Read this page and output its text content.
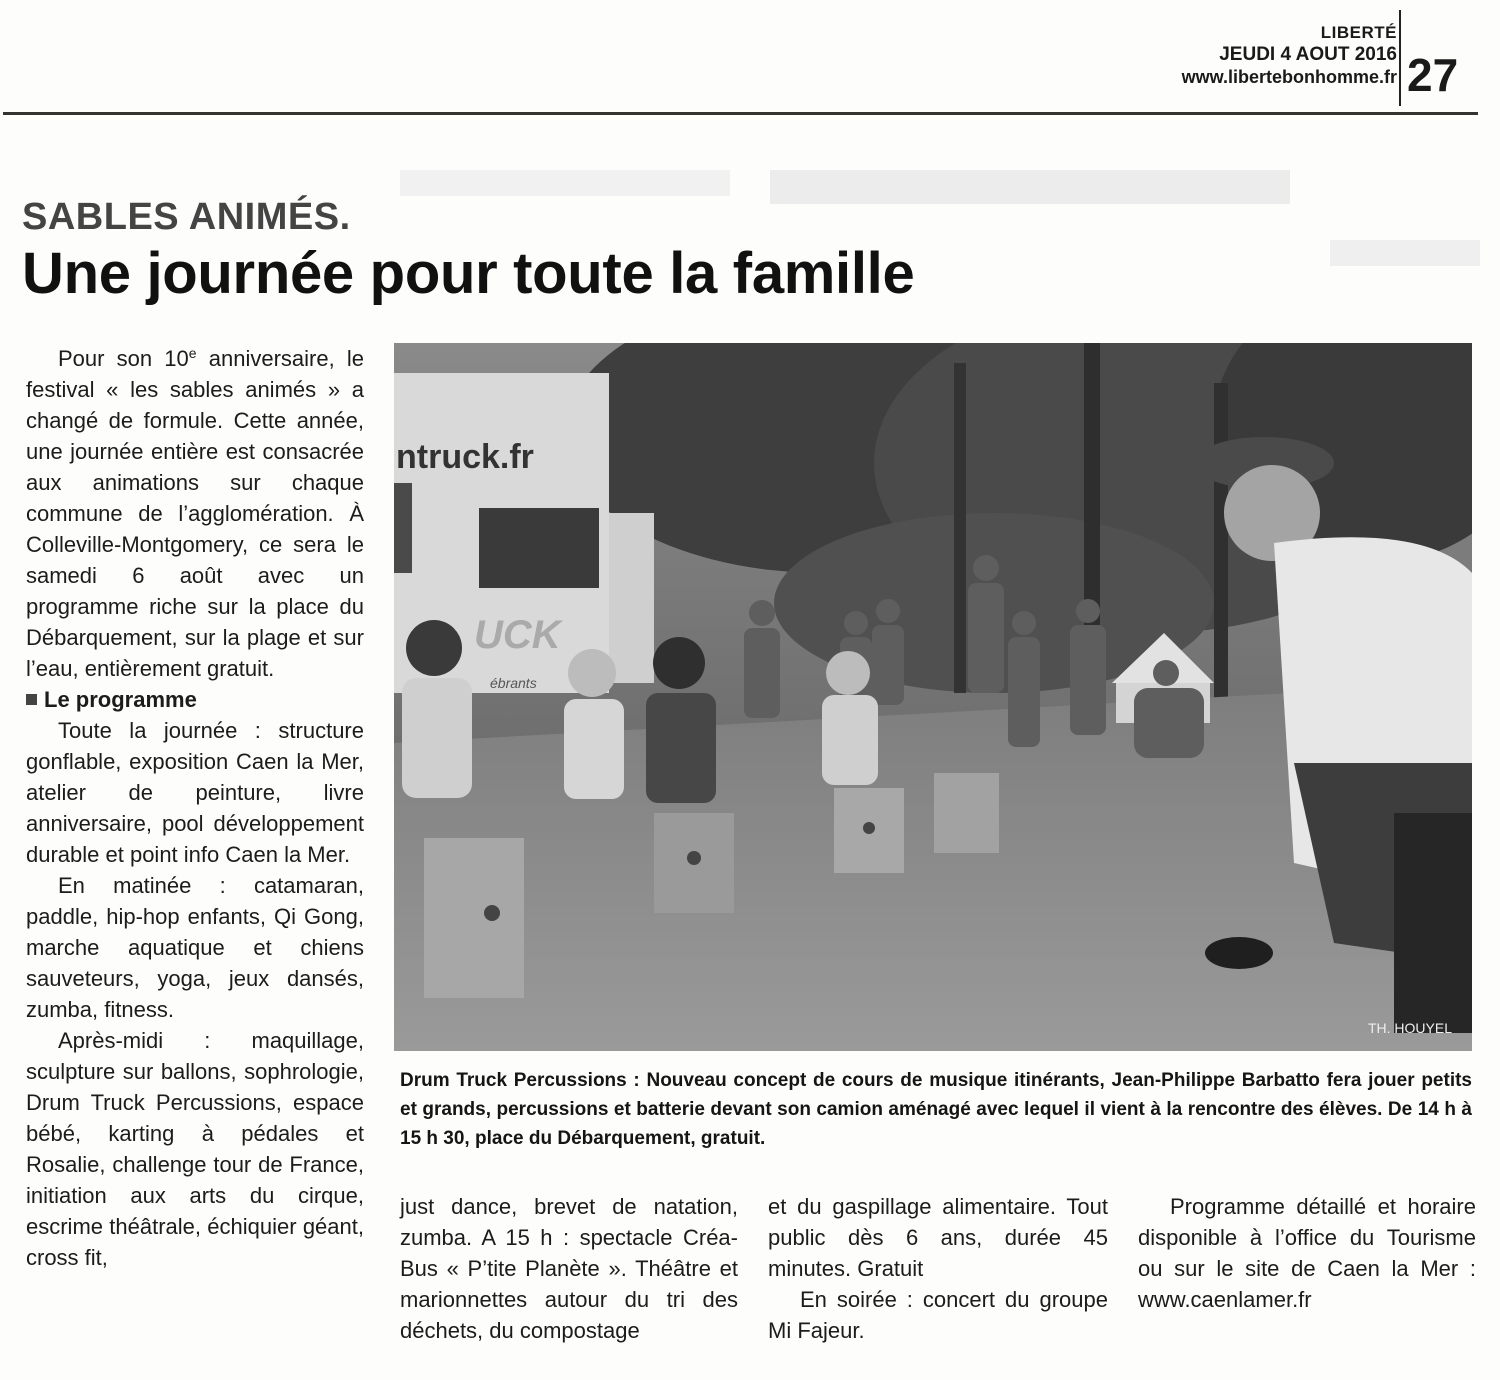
LIBERTÉ
JEUDI 4 AOUT 2016
www.libertebonhomme.fr 27
SABLES ANIMÉS.
Une journée pour toute la famille

Pour son 10e anniversaire, le festival « les sables animés » a changé de formule. Cette année, une journée entière est consacrée aux animations sur chaque commune de l’agglomération. À Colleville-Montgomery, ce sera le samedi 6 août avec un programme riche sur la place du Débarquement, sur la plage et sur l’eau, entièrement gratuit.

Le programme

Toute la journée : structure gonflable, exposition Caen la Mer, atelier de peinture, livre anniversaire, pool développement durable et point info Caen la Mer.

En matinée : catamaran, paddle, hip-hop enfants, Qi Gong, marche aquatique et chiens sauveteurs, yoga, jeux dansés, zumba, fitness.

Après-midi : maquillage, sculpture sur ballons, sophrologie, Drum Truck Percussions, espace bébé, karting à pédales et Rosalie, challenge tour de France, initiation aux arts du cirque, escrime théâtrale, échiquier géant, cross fit,

ntruck.fr
UCK
ébrants
TH. HOUYEL
Drum Truck Percussions : Nouveau concept de cours de musique itinérants, Jean-Philippe Barbatto fera jouer petits et grands, percussions et batterie devant son camion aménagé avec lequel il vient à la rencontre des élèves. De 14 h à 15 h 30, place du Débarquement, gratuit.

just dance, brevet de natation, zumba. A 15 h : spectacle Créa-Bus « P’tite Planète ». Théâtre et marionnettes autour du tri des déchets, du compostage

et du gaspillage alimentaire. Tout public dès 6 ans, durée 45 minutes. Gratuit

En soirée : concert du groupe Mi Fajeur.

Programme détaillé et horaire disponible à l’office du Tourisme ou sur le site de Caen la Mer : www.caenlamer.fr
